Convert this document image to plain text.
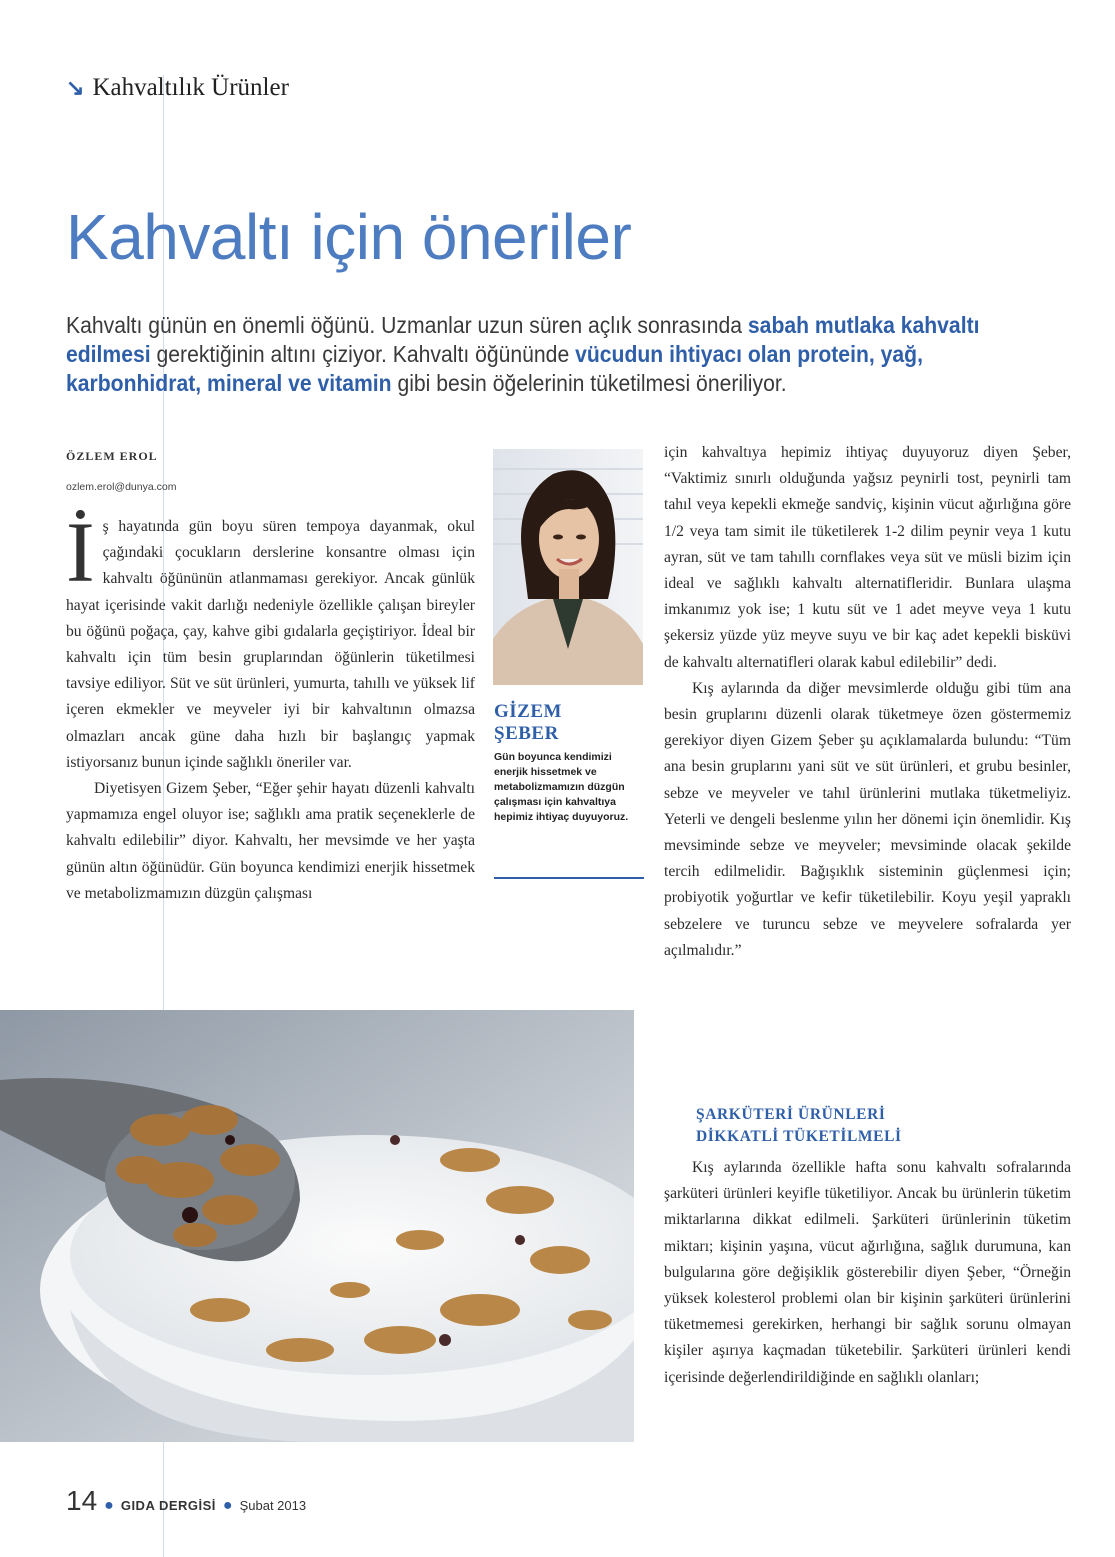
↘ Kahvaltılık Ürünler
Kahvaltı için öneriler
Kahvaltı günün en önemli öğünü. Uzmanlar uzun süren açlık sonrasında sabah mutlaka kahvaltı edilmesi gerektiğinin altını çiziyor. Kahvaltı öğününde vücudun ihtiyacı olan protein, yağ, karbonhidrat, mineral ve vitamin gibi besin öğelerinin tüketilmesi öneriliyor.
ÖZLEM EROL
ozlem.erol@dunya.com
İ ş hayatında gün boyu süren tempoya dayanmak, okul çağındaki çocukların derslerine konsantre olması için kahvaltı öğününün atlanmaması gerekiyor. Ancak günlük hayat içerisinde vakit darlığı nedeniyle özellikle çalışan bireyler bu öğünü poğaça, çay, kahve gibi gıdalarla geçiştiriyor. İdeal bir kahvaltı için tüm besin gruplarından öğünlerin tüketilmesi tavsiye ediliyor. Süt ve süt ürünleri, yumurta, tahıllı ve yüksek lif içeren ekmekler ve meyveler iyi bir kahvaltının olmazsa olmazları ancak güne daha hızlı bir başlangıç yapmak istiyorsanız bunun içinde sağlıklı öneriler var.

Diyetisyen Gizem Şeber, “Eğer şehir hayatı düzenli kahvaltı yapmamıza engel oluyor ise; sağlıklı ama pratik seçeneklerle de kahvaltı edilebilir” diyor. Kahvaltı, her mevsimde ve her yaşta günün altın öğünüdür. Gün boyunca kendimizi enerjik hissetmek ve metabolizmamızın düzgün çalışması

GİZEM
ŞEBER
Gün boyunca kendimizi enerjik hissetmek ve metabolizmamızın düzgün çalışması için kahvaltıya hepimiz ihtiyaç duyuyoruz.

için kahvaltıya hepimiz ihtiyaç duyuyoruz diyen Şeber, “Vaktimiz sınırlı olduğunda yağsız peynirli tost, peynirli tam tahıl veya kepekli ekmeğe sandviç, kişinin vücut ağırlığına göre 1/2 veya tam simit ile tüketilerek 1-2 dilim peynir veya 1 kutu ayran, süt ve tam tahıllı cornflakes veya süt ve müsli bizim için ideal ve sağlıklı kahvaltı alternatifleridir. Bunlara ulaşma imkanımız yok ise; 1 kutu süt ve 1 adet meyve veya 1 kutu şekersiz yüzde yüz meyve suyu ve bir kaç adet kepekli bisküvi de kahvaltı alternatifleri olarak kabul edilebilir” dedi.

Kış aylarında da diğer mevsimlerde olduğu gibi tüm ana besin gruplarını düzenli olarak tüketmeye özen göstermemiz gerekiyor diyen Gizem Şeber şu açıklamalarda bulundu: “Tüm ana besin gruplarını yani süt ve süt ürünleri, et grubu besinler, sebze ve meyveler ve tahıl ürünlerini mutlaka tüketmeliyiz. Yeterli ve dengeli beslenme yılın her dönemi için önemlidir. Kış mevsiminde sebze ve meyveler; mevsiminde olacak şekilde tercih edilmelidir. Bağışıklık sisteminin güçlenmesi için; probiyotik yoğurtlar ve kefir tüketilebilir. Koyu yeşil yapraklı sebzelere ve turuncu sebze ve meyvelere sofralarda yer açılmalıdır.”

ŞARKÜTERİ ÜRÜNLERİ
DİKKATLİ TÜKETİLMELİ

Kış aylarında özellikle hafta sonu kahvaltı sofralarında şarküteri ürünleri keyifle tüketiliyor. Ancak bu ürünlerin tüketim miktarlarına dikkat edilmeli. Şarküteri ürünlerinin tüketim miktarı; kişinin yaşına, vücut ağırlığına, sağlık durumuna, kan bulgularına göre değişiklik gösterebilir diyen Şeber, “Örneğin yüksek kolesterol problemi olan bir kişinin şarküteri ürünlerini tüketmemesi gerekirken, herhangi bir sağlık sorunu olmayan kişiler aşırıya kaçmadan tüketebilir. Şarküteri ürünleri kendi içerisinde değerlendirildiğinde en sağlıklı olanları;

14 ● GIDA DERGİSİ ● Şubat 2013
